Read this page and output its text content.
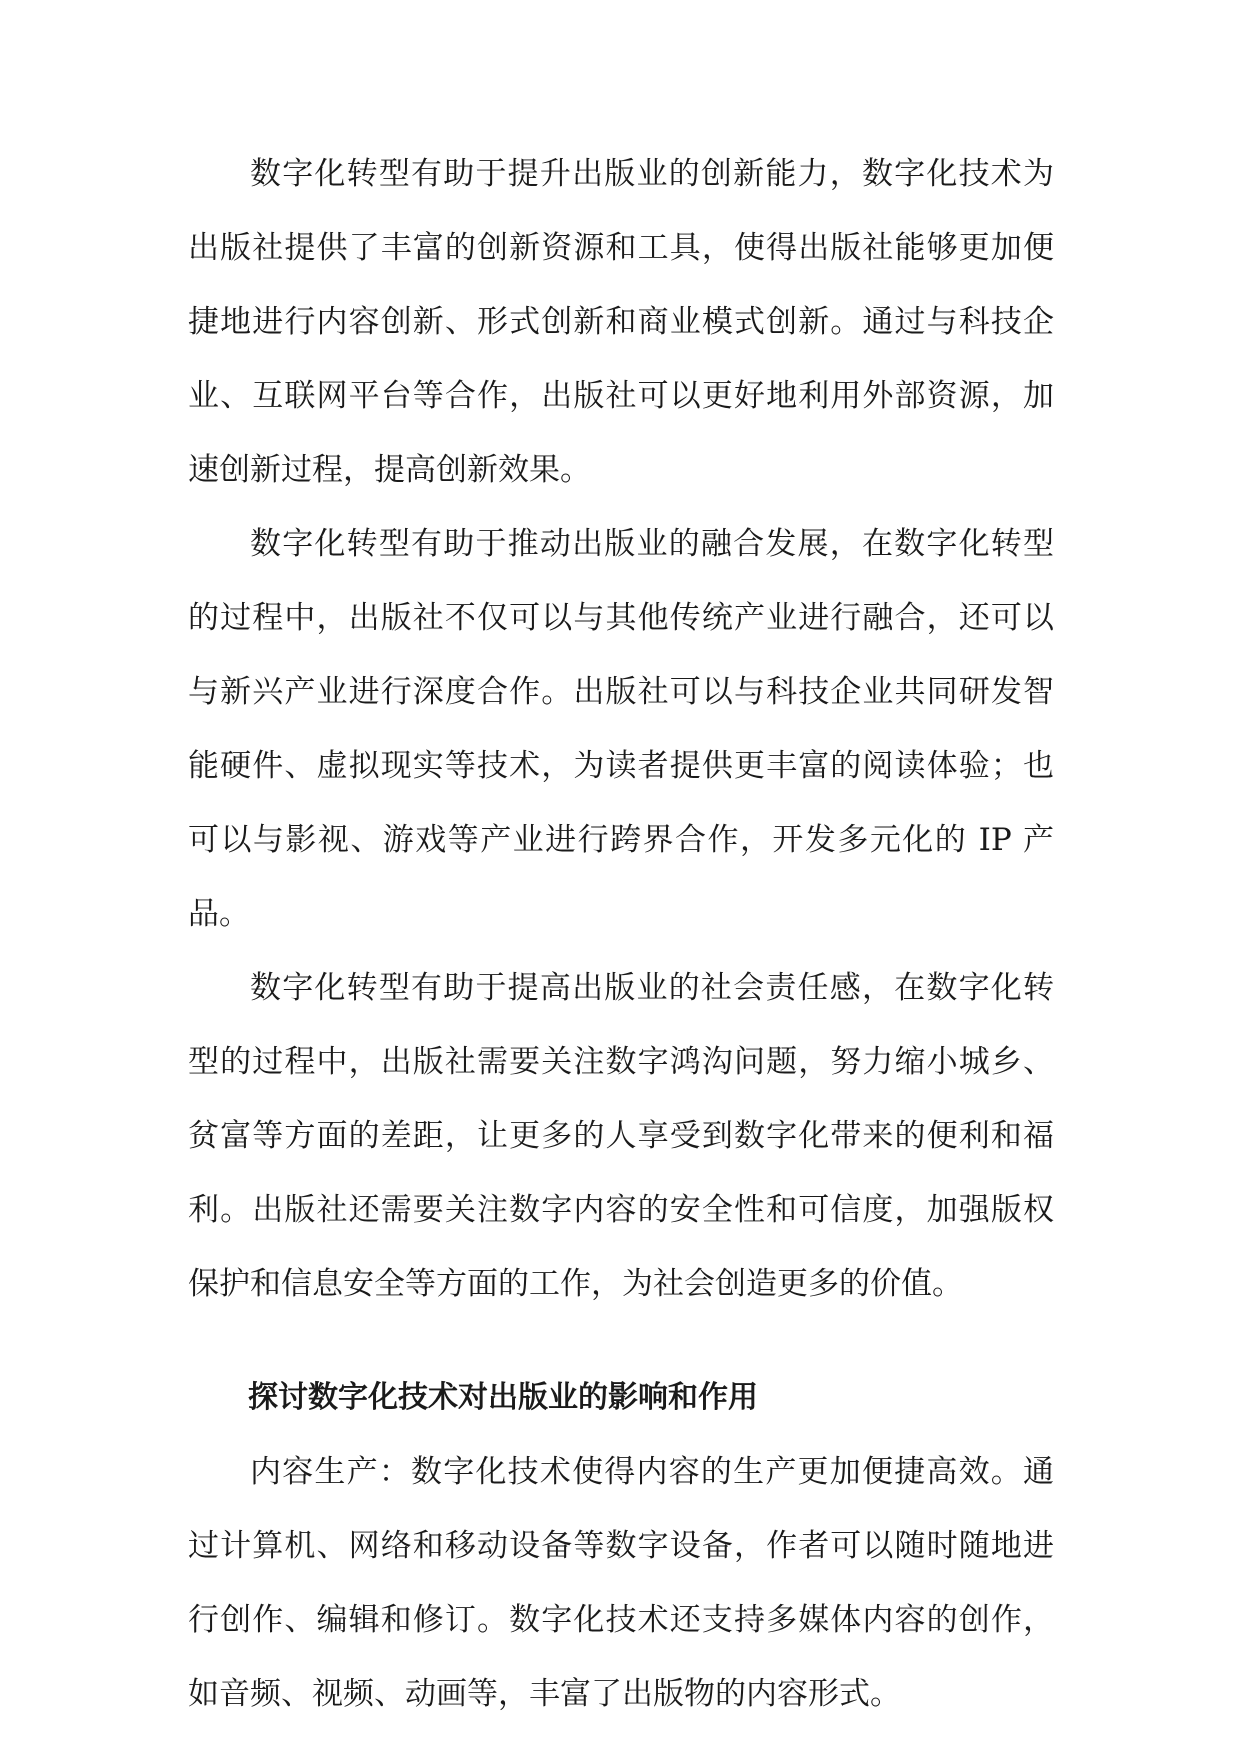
数字化转型有助于提升出版业的创新能力，数字化技术为出版社提供了丰富的创新资源和工具，使得出版社能够更加便捷地进行内容创新、形式创新和商业模式创新。通过与科技企业、互联网平台等合作，出版社可以更好地利用外部资源，加速创新过程，提高创新效果。

数字化转型有助于推动出版业的融合发展，在数字化转型的过程中，出版社不仅可以与其他传统产业进行融合，还可以与新兴产业进行深度合作。出版社可以与科技企业共同研发智能硬件、虚拟现实等技术，为读者提供更丰富的阅读体验；也可以与影视、游戏等产业进行跨界合作，开发多元化的 IP 产品。

数字化转型有助于提高出版业的社会责任感，在数字化转型的过程中，出版社需要关注数字鸿沟问题，努力缩小城乡、贫富等方面的差距，让更多的人享受到数字化带来的便利和福利。出版社还需要关注数字内容的安全性和可信度，加强版权保护和信息安全等方面的工作，为社会创造更多的价值。

探讨数字化技术对出版业的影响和作用

内容生产：数字化技术使得内容的生产更加便捷高效。通过计算机、网络和移动设备等数字设备，作者可以随时随地进行创作、编辑和修订。数字化技术还支持多媒体内容的创作，如音频、视频、动画等，丰富了出版物的内容形式。
